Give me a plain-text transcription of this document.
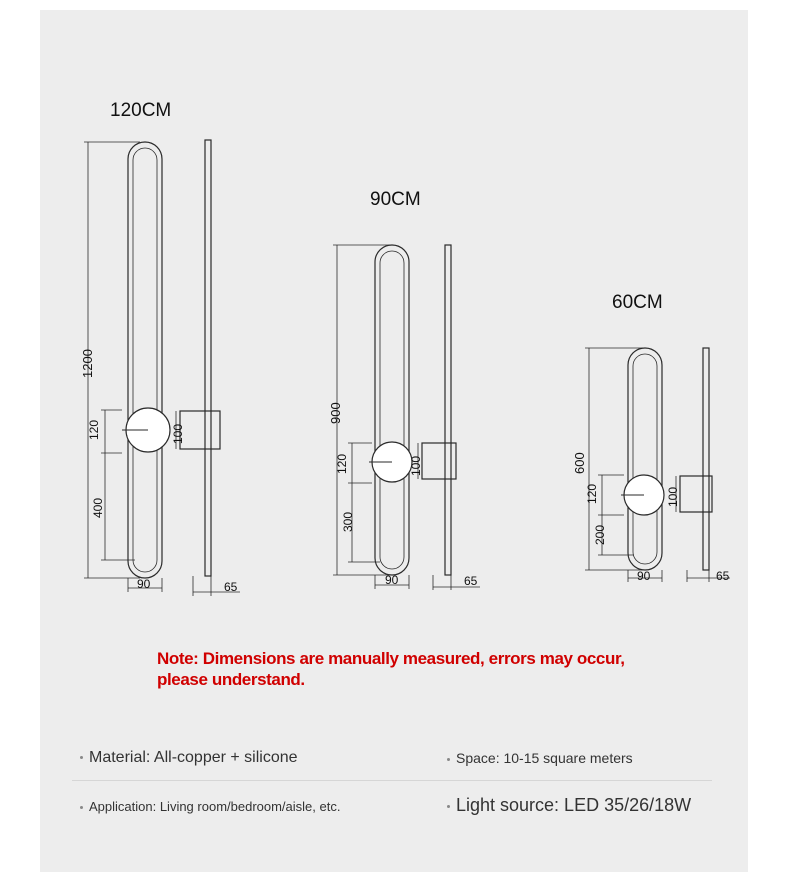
120CM
1200
120
400
90
100
65
90CM
900
120
300
90
100
65
60CM
600
120
200
90
100
65
Note: Dimensions are manually measured, errors may occur,
please understand.
Material: All-copper + silicone	Space: 10-15 square meters
Application: Living room/bedroom/aisle, etc.	Light source: LED 35/26/18W
